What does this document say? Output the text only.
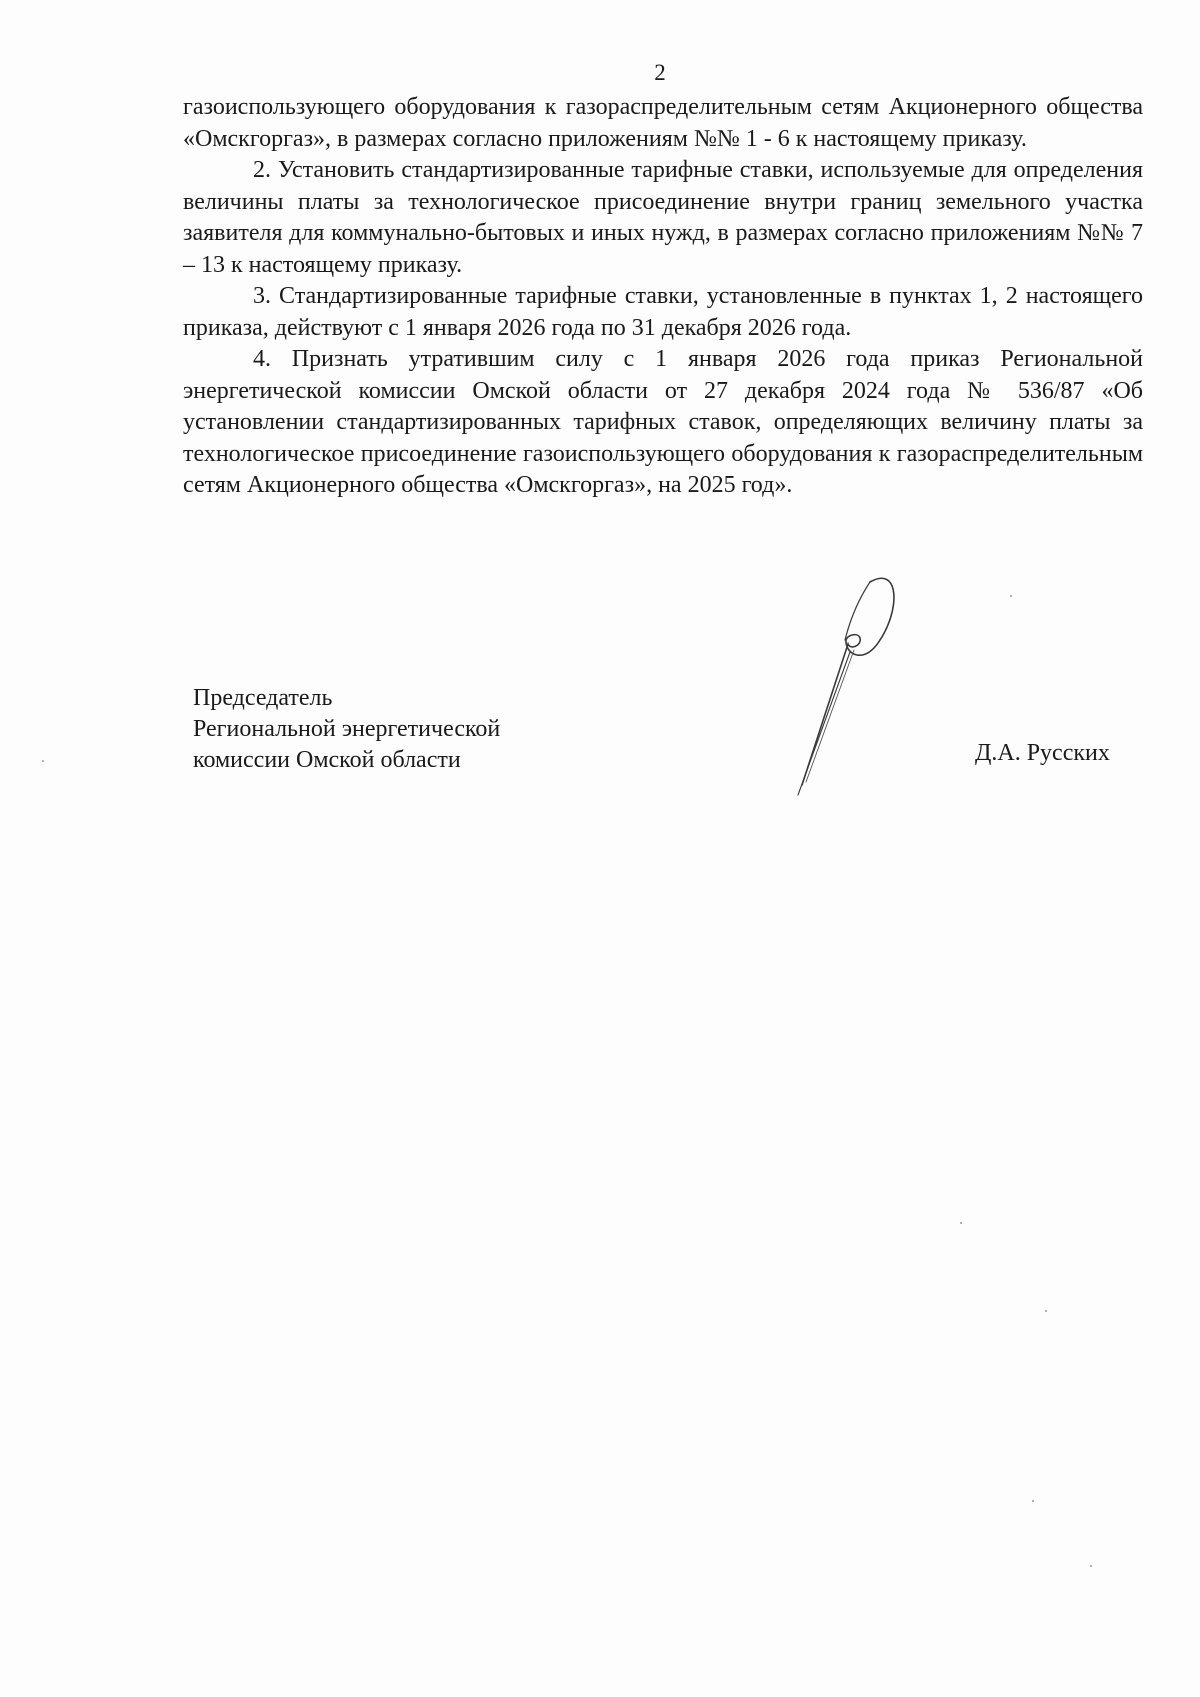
2

газоиспользующего оборудования к газораспределительным сетям Акционерного общества «Омскгоргаз», в размерах согласно приложениям №№ 1 - 6 к настоящему приказу.

2. Установить стандартизированные тарифные ставки, используемые для определения величины платы за технологическое присоединение внутри границ земельного участка заявителя для коммунально-бытовых и иных нужд, в размерах согласно приложениям №№ 7 – 13 к настоящему приказу.

3. Стандартизированные тарифные ставки, установленные в пунктах 1, 2 настоящего приказа, действуют с 1 января 2026 года по 31 декабря 2026 года.

4. Признать утратившим силу с 1 января 2026 года приказ Региональной энергетической комиссии Омской области от 27 декабря 2024 года № 536/87 «Об установлении стандартизированных тарифных ставок, определяющих величину платы за технологическое присоединение газоиспользующего оборудования к газораспределительным сетям Акционерного общества «Омскгоргаз», на 2025 год».

Председатель
Региональной энергетической
комиссии Омской области	Д.А. Русских
